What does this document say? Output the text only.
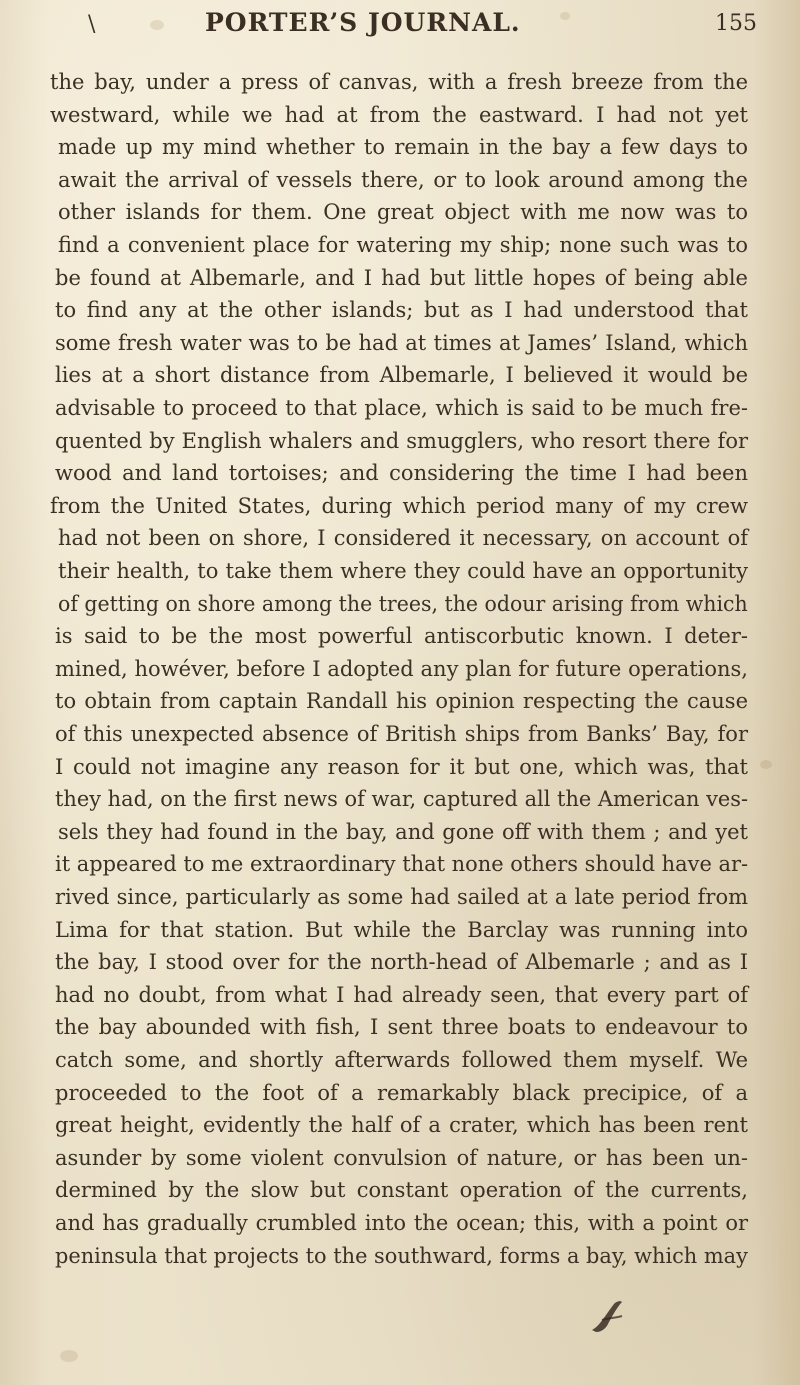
\	PORTER’S JOURNAL.	155
the bay, under a press of canvas, with a fresh breeze from the
westward, while we had at from the eastward. I had not yet
made up my mind whether to remain in the bay a few days to
await the arrival of vessels there, or to look around among the
other islands for them. One great object with me now was to
find a convenient place for watering my ship; none such was to
be found at Albemarle, and I had but little hopes of being able
to find any at the other islands; but as I had understood that
some fresh water was to be had at times at James’ Island, which
lies at a short distance from Albemarle, I believed it would be
advisable to proceed to that place, which is said to be much fre-
quented by English whalers and smugglers, who resort there for
wood and land tortoises; and considering the time I had been
from the United States, during which period many of my crew
had not been on shore, I considered it necessary, on account of
their health, to take them where they could have an opportunity
of getting on shore among the trees, the odour arising from which
is said to be the most powerful antiscorbutic known. I deter-
mined, howéver, before I adopted any plan for future operations,
to obtain from captain Randall his opinion respecting the cause
of this unexpected absence of British ships from Banks’ Bay, for
I could not imagine any reason for it but one, which was, that
they had, on the first news of war, captured all the American ves-
sels they had found in the bay, and gone off with them ; and yet
it appeared to me extraordinary that none others should have ar-
rived since, particularly as some had sailed at a late period from
Lima for that station. But while the Barclay was running into
the bay, I stood over for the north-head of Albemarle ; and as I
had no doubt, from what I had already seen, that every part of
the bay abounded with fish, I sent three boats to endeavour to
catch some, and shortly afterwards followed them myself. We
proceeded to the foot of a remarkably black precipice, of a
great height, evidently the half of a crater, which has been rent
asunder by some violent convulsion of nature, or has been un-
dermined by the slow but constant operation of the currents,
and has gradually crumbled into the ocean; this, with a point or
peninsula that projects to the southward, forms a bay, which may
